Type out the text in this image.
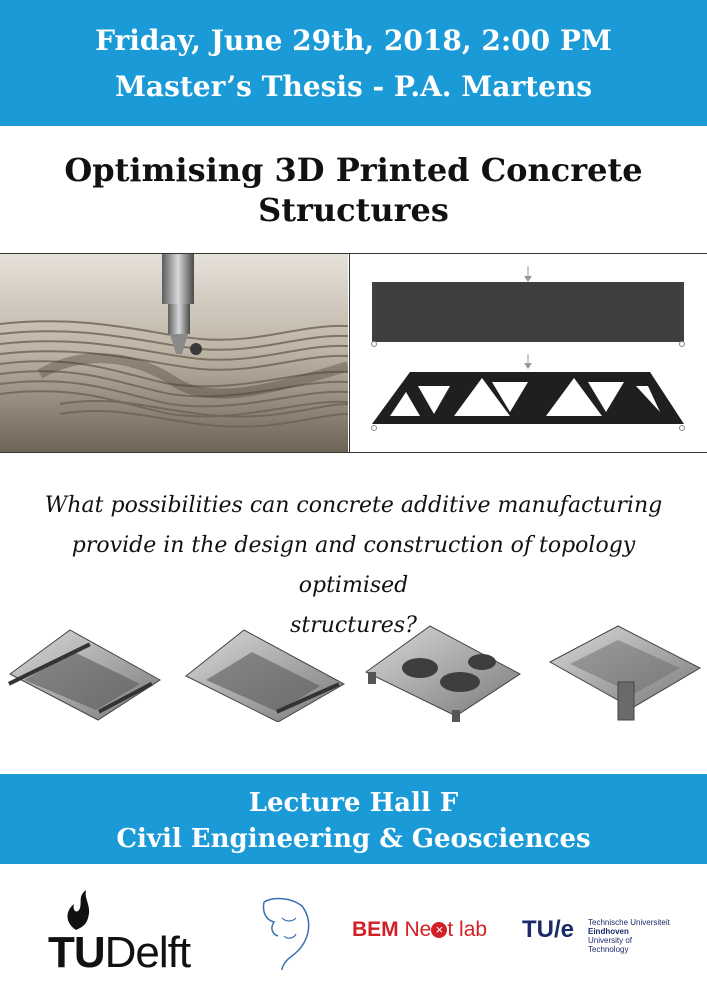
Friday, June 29th, 2018, 2:00 PM
Master’s Thesis - P.A. Martens
Optimising 3D Printed Concrete
Structures
What possibilities can concrete additive manufacturing
provide in the design and construction of topology optimised
structures?
Lecture Hall F
Civil Engineering & Geosciences
TUDelft	BEM Ne × t lab TU/e Technische Universiteit
Eindhoven
University of Technology
